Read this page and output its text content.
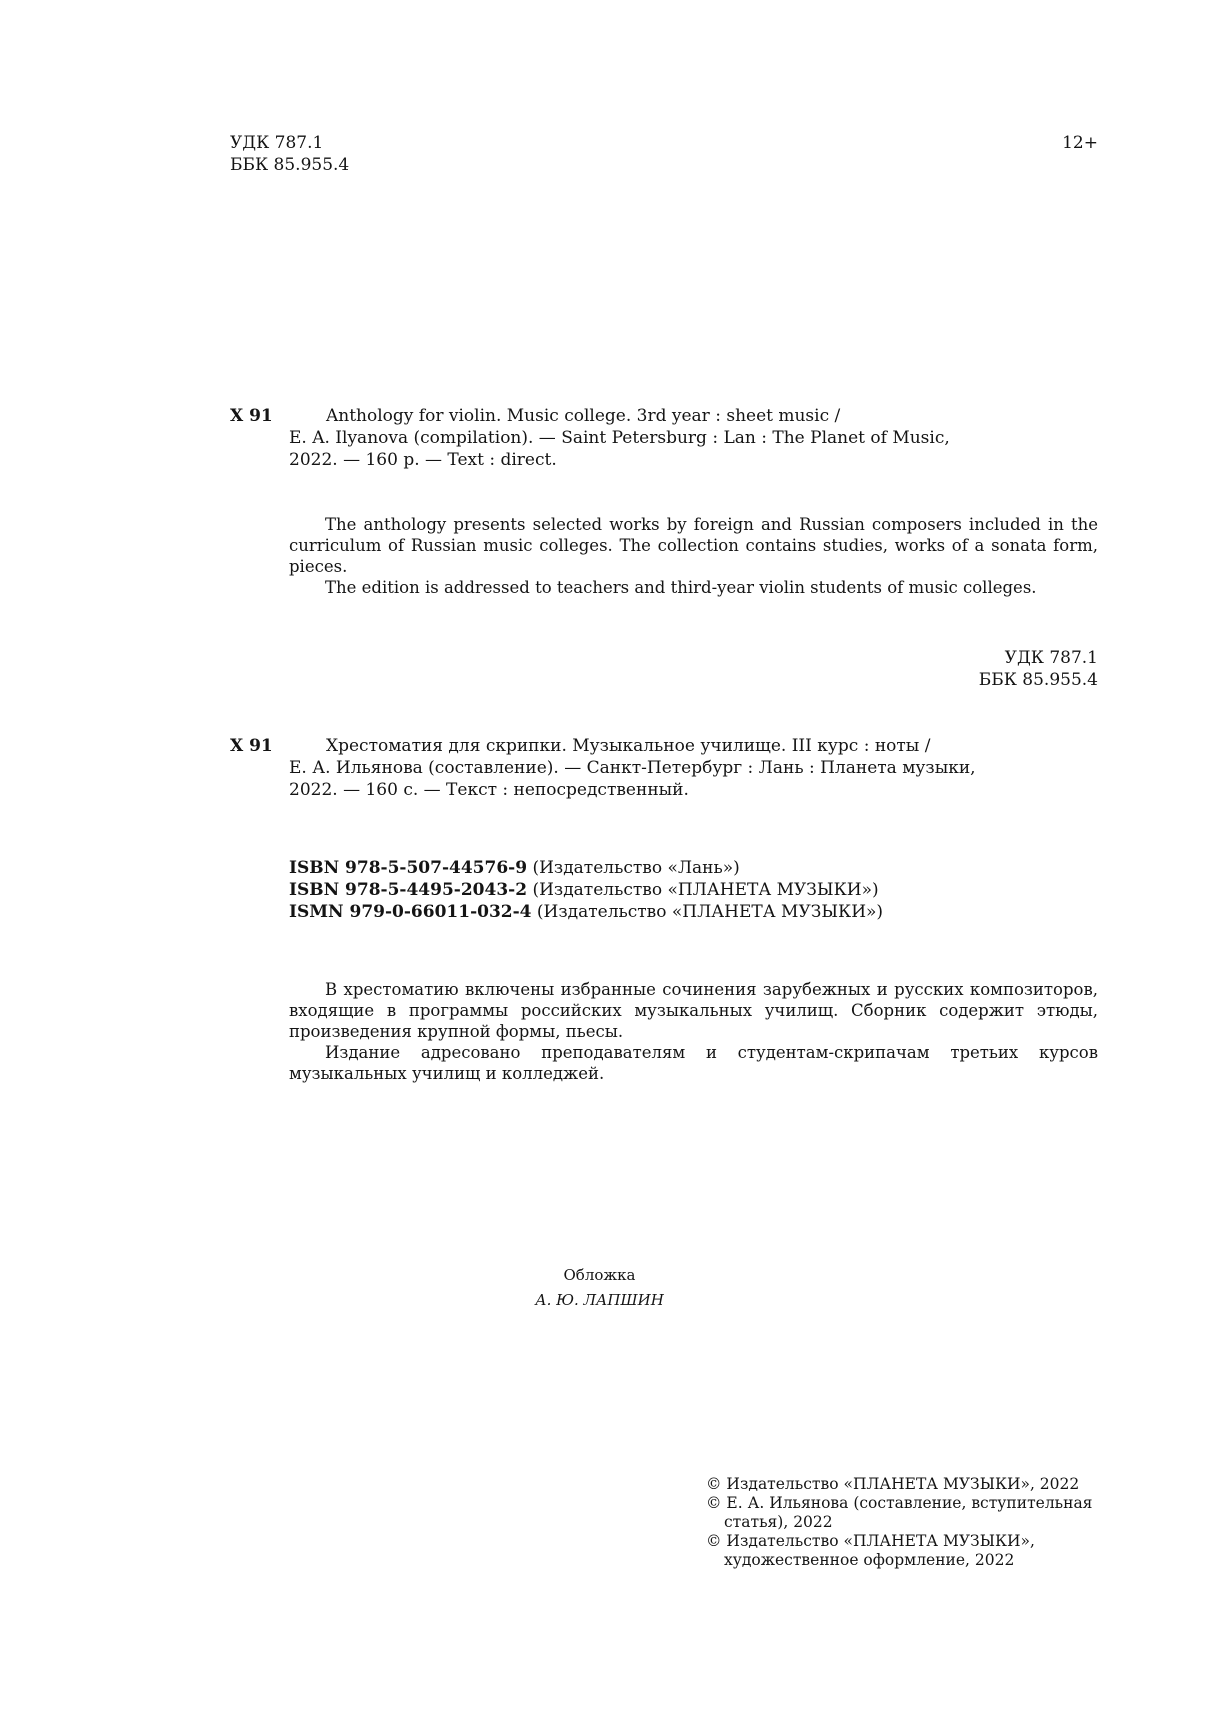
УДК 787.1

ББК 85.955.4

12+
X 91	Anthology for violin. Music college. 3rd year : sheet music /

E. A. Ilyanova (compilation). — Saint Petersburg : Lan : The Planet of Music,

2022. — 160 p. — Text : direct.

The anthology presents selected works by foreign and Russian composers included in the curriculum of Russian music colleges. The collection contains studies, works of a sonata form, pieces.

The edition is addressed to teachers and third-year violin students of music colleges.

УДК 787.1

ББК 85.955.4

X 91	Хрестоматия для скрипки. Музыкальное училище. III курс : ноты /

Е. А. Ильянова (составление). — Санкт-Петербург : Лань : Планета музыки,

2022. — 160 с. — Текст : непосредственный.

ISBN 978-5-507-44576-9 (Издательство «Лань»)

ISBN 978-5-4495-2043-2 (Издательство «ПЛАНЕТА МУЗЫКИ»)

ISMN 979-0-66011-032-4 (Издательство «ПЛАНЕТА МУЗЫКИ»)

В хрестоматию включены избранные сочинения зарубежных и русских композиторов, входящие в программы российских музыкальных училищ. Сборник содержит этюды, произведения крупной формы, пьесы.

Издание адресовано преподавателям и студентам-скрипачам третьих курсов музыкальных училищ и колледжей.

Обложка

А. Ю. ЛАПШИН

© Издательство «ПЛАНЕТА МУЗЫКИ», 2022

© Е. А. Ильянова (составление, вступительная статья), 2022

© Издательство «ПЛАНЕТА МУЗЫКИ», художественное оформление, 2022
